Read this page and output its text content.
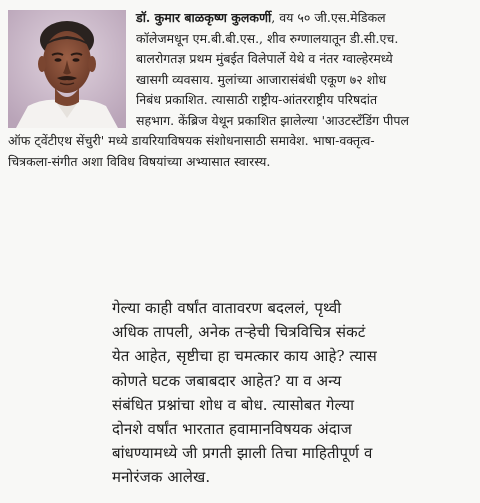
डॉ. कुमार बाळकृष्ण कुलकर्णी, वय ५० जी.एस.मेडिकल
कॉलेजमधून एम.बी.बी.एस., शीव रुग्णालयातून डी.सी.एच.
बालरोगतज्ञ प्रथम मुंबईत विलेपार्ले येथे व नंतर ग्वाल्हेरमध्ये
खासगी व्यवसाय. मुलांच्या आजारासंबंधी एकूण ७२ शोध
निबंध प्रकाशित. त्यासाठी राष्ट्रीय-आंतरराष्ट्रीय परिषदांत
सहभाग. केंब्रिज येथून प्रकाशित झालेल्या 'आउटस्टँडिंग पीपल
ऑफ ट्वेंटीएथ सेंचुरी' मध्ये डायरियाविषयक संशोधनासाठी समावेश. भाषा-वक्तृत्व-
चित्रकला-संगीत अशा विविध विषयांच्या अभ्यासात स्वारस्य.
गेल्या काही वर्षांत वातावरण बदललं, पृथ्वी
अधिक तापली, अनेक तऱ्हेची चित्रविचित्र संकटं
येत आहेत, सृष्टीचा हा चमत्कार काय आहे? त्यास
कोणते घटक जबाबदार आहेत? या व अन्य
संबंधित प्रश्नांचा शोध व बोध. त्यासोबत गेल्या
दोनशे वर्षांत भारतात हवामानविषयक अंदाज
बांधण्यामध्ये जी प्रगती झाली तिचा माहितीपूर्ण व
मनोरंजक आलेख.
